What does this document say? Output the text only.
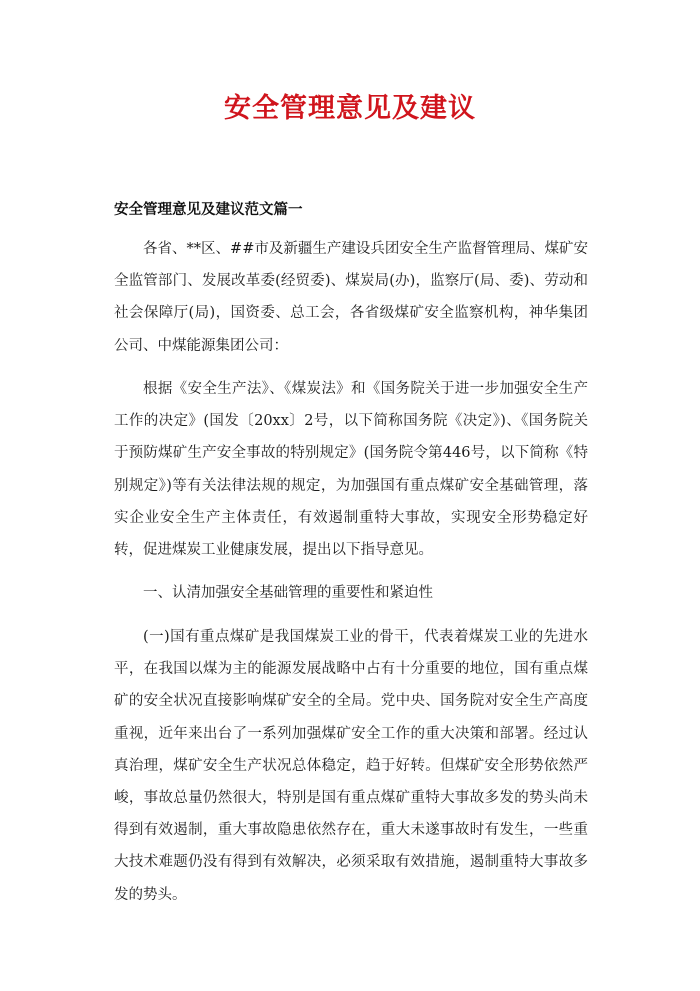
安全管理意见及建议

安全管理意见及建议范文篇一

各省、**区、##市及新疆生产建设兵团安全生产监督管理局、煤矿安全监管部门、发展改革委(经贸委)、煤炭局(办)，监察厅(局、委)、劳动和社会保障厅(局)，国资委、总工会，各省级煤矿安全监察机构，神华集团公司、中煤能源集团公司：

根据《安全生产法》、《煤炭法》和《国务院关于进一步加强安全生产工作的决定》(国发〔20xx〕2号，以下简称国务院《决定》)、《国务院关于预防煤矿生产安全事故的特别规定》(国务院令第446号，以下简称《特别规定》)等有关法律法规的规定，为加强国有重点煤矿安全基础管理，落实企业安全生产主体责任，有效遏制重特大事故，实现安全形势稳定好转，促进煤炭工业健康发展，提出以下指导意见。

一、认清加强安全基础管理的重要性和紧迫性

(一)国有重点煤矿是我国煤炭工业的骨干，代表着煤炭工业的先进水平，在我国以煤为主的能源发展战略中占有十分重要的地位，国有重点煤矿的安全状况直接影响煤矿安全的全局。党中央、国务院对安全生产高度重视，近年来出台了一系列加强煤矿安全工作的重大决策和部署。经过认真治理，煤矿安全生产状况总体稳定，趋于好转。但煤矿安全形势依然严峻，事故总量仍然很大，特别是国有重点煤矿重特大事故多发的势头尚未得到有效遏制，重大事故隐患依然存在，重大未遂事故时有发生，一些重大技术难题仍没有得到有效解决，必须采取有效措施，遏制重特大事故多发的势头。
